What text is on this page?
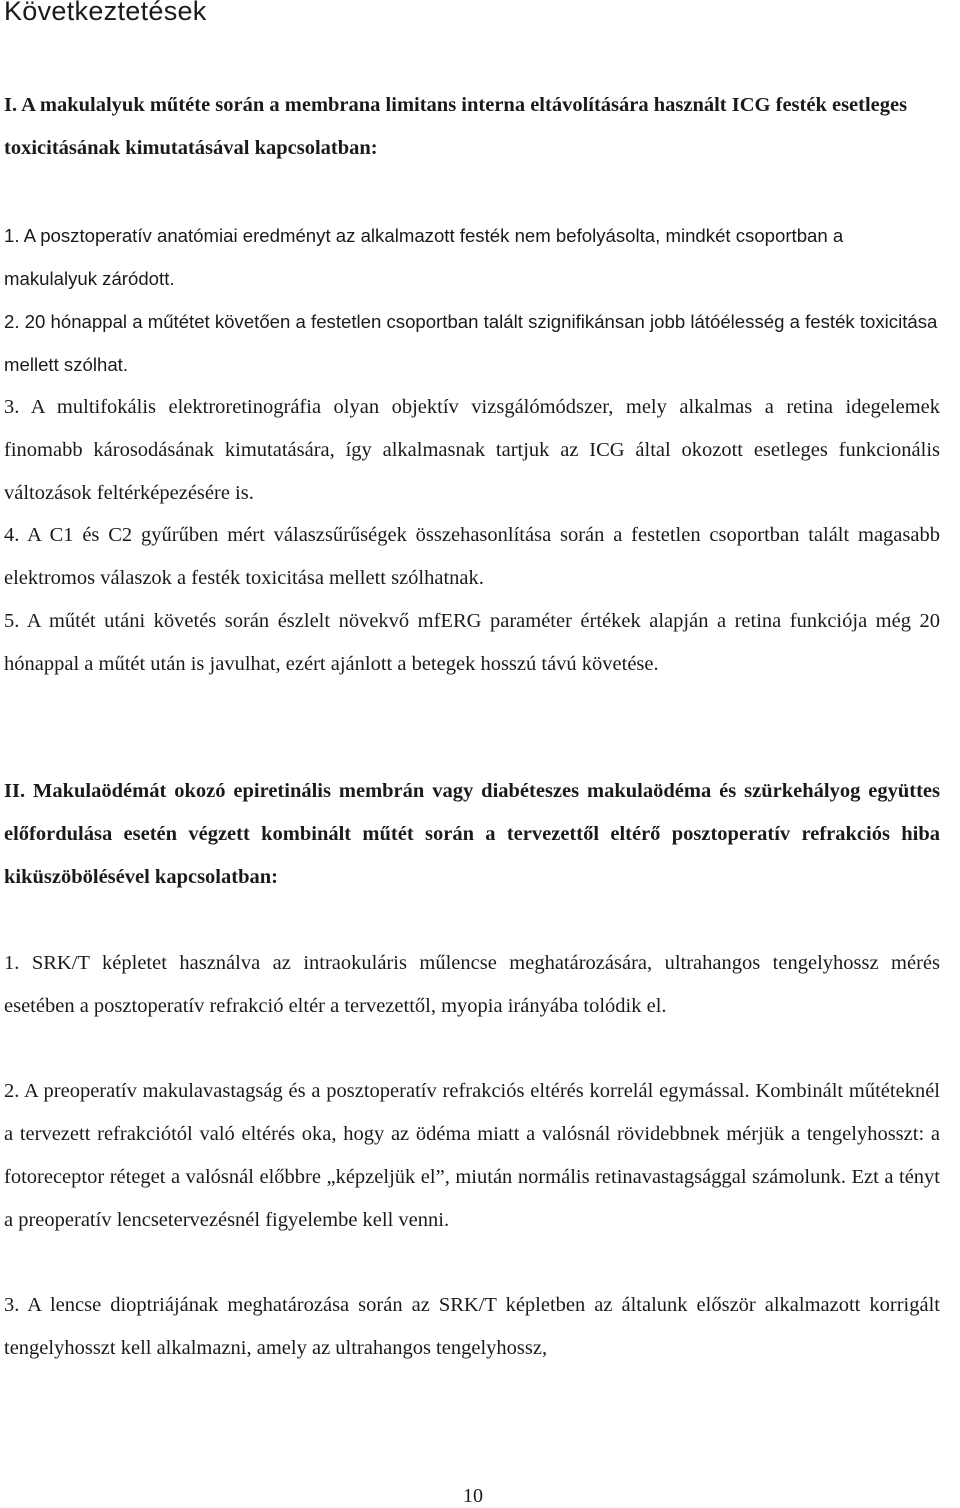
Következtetések

I. A makulalyuk műtéte során a membrana limitans interna eltávolítására használt ICG festék esetleges toxicitásának kimutatásával kapcsolatban:

1. A posztoperatív anatómiai eredményt az alkalmazott festék nem befolyásolta, mindkét csoportban a makulalyuk záródott.

2. 20 hónappal a műtétet követően a festetlen csoportban talált szignifikánsan jobb látóélesség a festék toxicitása mellett szólhat.

3. A multifokális elektroretinográfia olyan objektív vizsgálómódszer, mely alkalmas a retina idegelemek finomabb károsodásának kimutatására, így alkalmasnak tartjuk az ICG által okozott esetleges funkcionális változások feltérképezésére is.

4. A C1 és C2 gyűrűben mért válaszsűrűségek összehasonlítása során a festetlen csoportban talált magasabb elektromos válaszok a festék toxicitása mellett szólhatnak.

5. A műtét utáni követés során észlelt növekvő mfERG paraméter értékek alapján a retina funkciója még 20 hónappal a műtét után is javulhat, ezért ajánlott a betegek hosszú távú követése.

II. Makulaödémát okozó epiretinális membrán vagy diabéteszes makulaödéma és szürkehályog együttes előfordulása esetén végzett kombinált műtét során a tervezettől eltérő posztoperatív refrakciós hiba kiküszöbölésével kapcsolatban:

1. SRK/T képletet használva az intraokuláris műlencse meghatározására, ultrahangos tengelyhossz mérés esetében a posztoperatív refrakció eltér a tervezettől, myopia irányába tolódik el.

2. A preoperatív makulavastagság és a posztoperatív refrakciós eltérés korrelál egymással. Kombinált műtéteknél a tervezett refrakciótól való eltérés oka, hogy az ödéma miatt a valósnál rövidebbnek mérjük a tengelyhosszt: a fotoreceptor réteget a valósnál előbbre „képzeljük el”, miután normális retinavastagsággal számolunk. Ezt a tényt a preoperatív lencsetervezésnél figyelembe kell venni.

3. A lencse dioptriájának meghatározása során az SRK/T képletben az általunk először alkalmazott korrigált tengelyhosszt kell alkalmazni, amely az ultrahangos tengelyhossz,

10
